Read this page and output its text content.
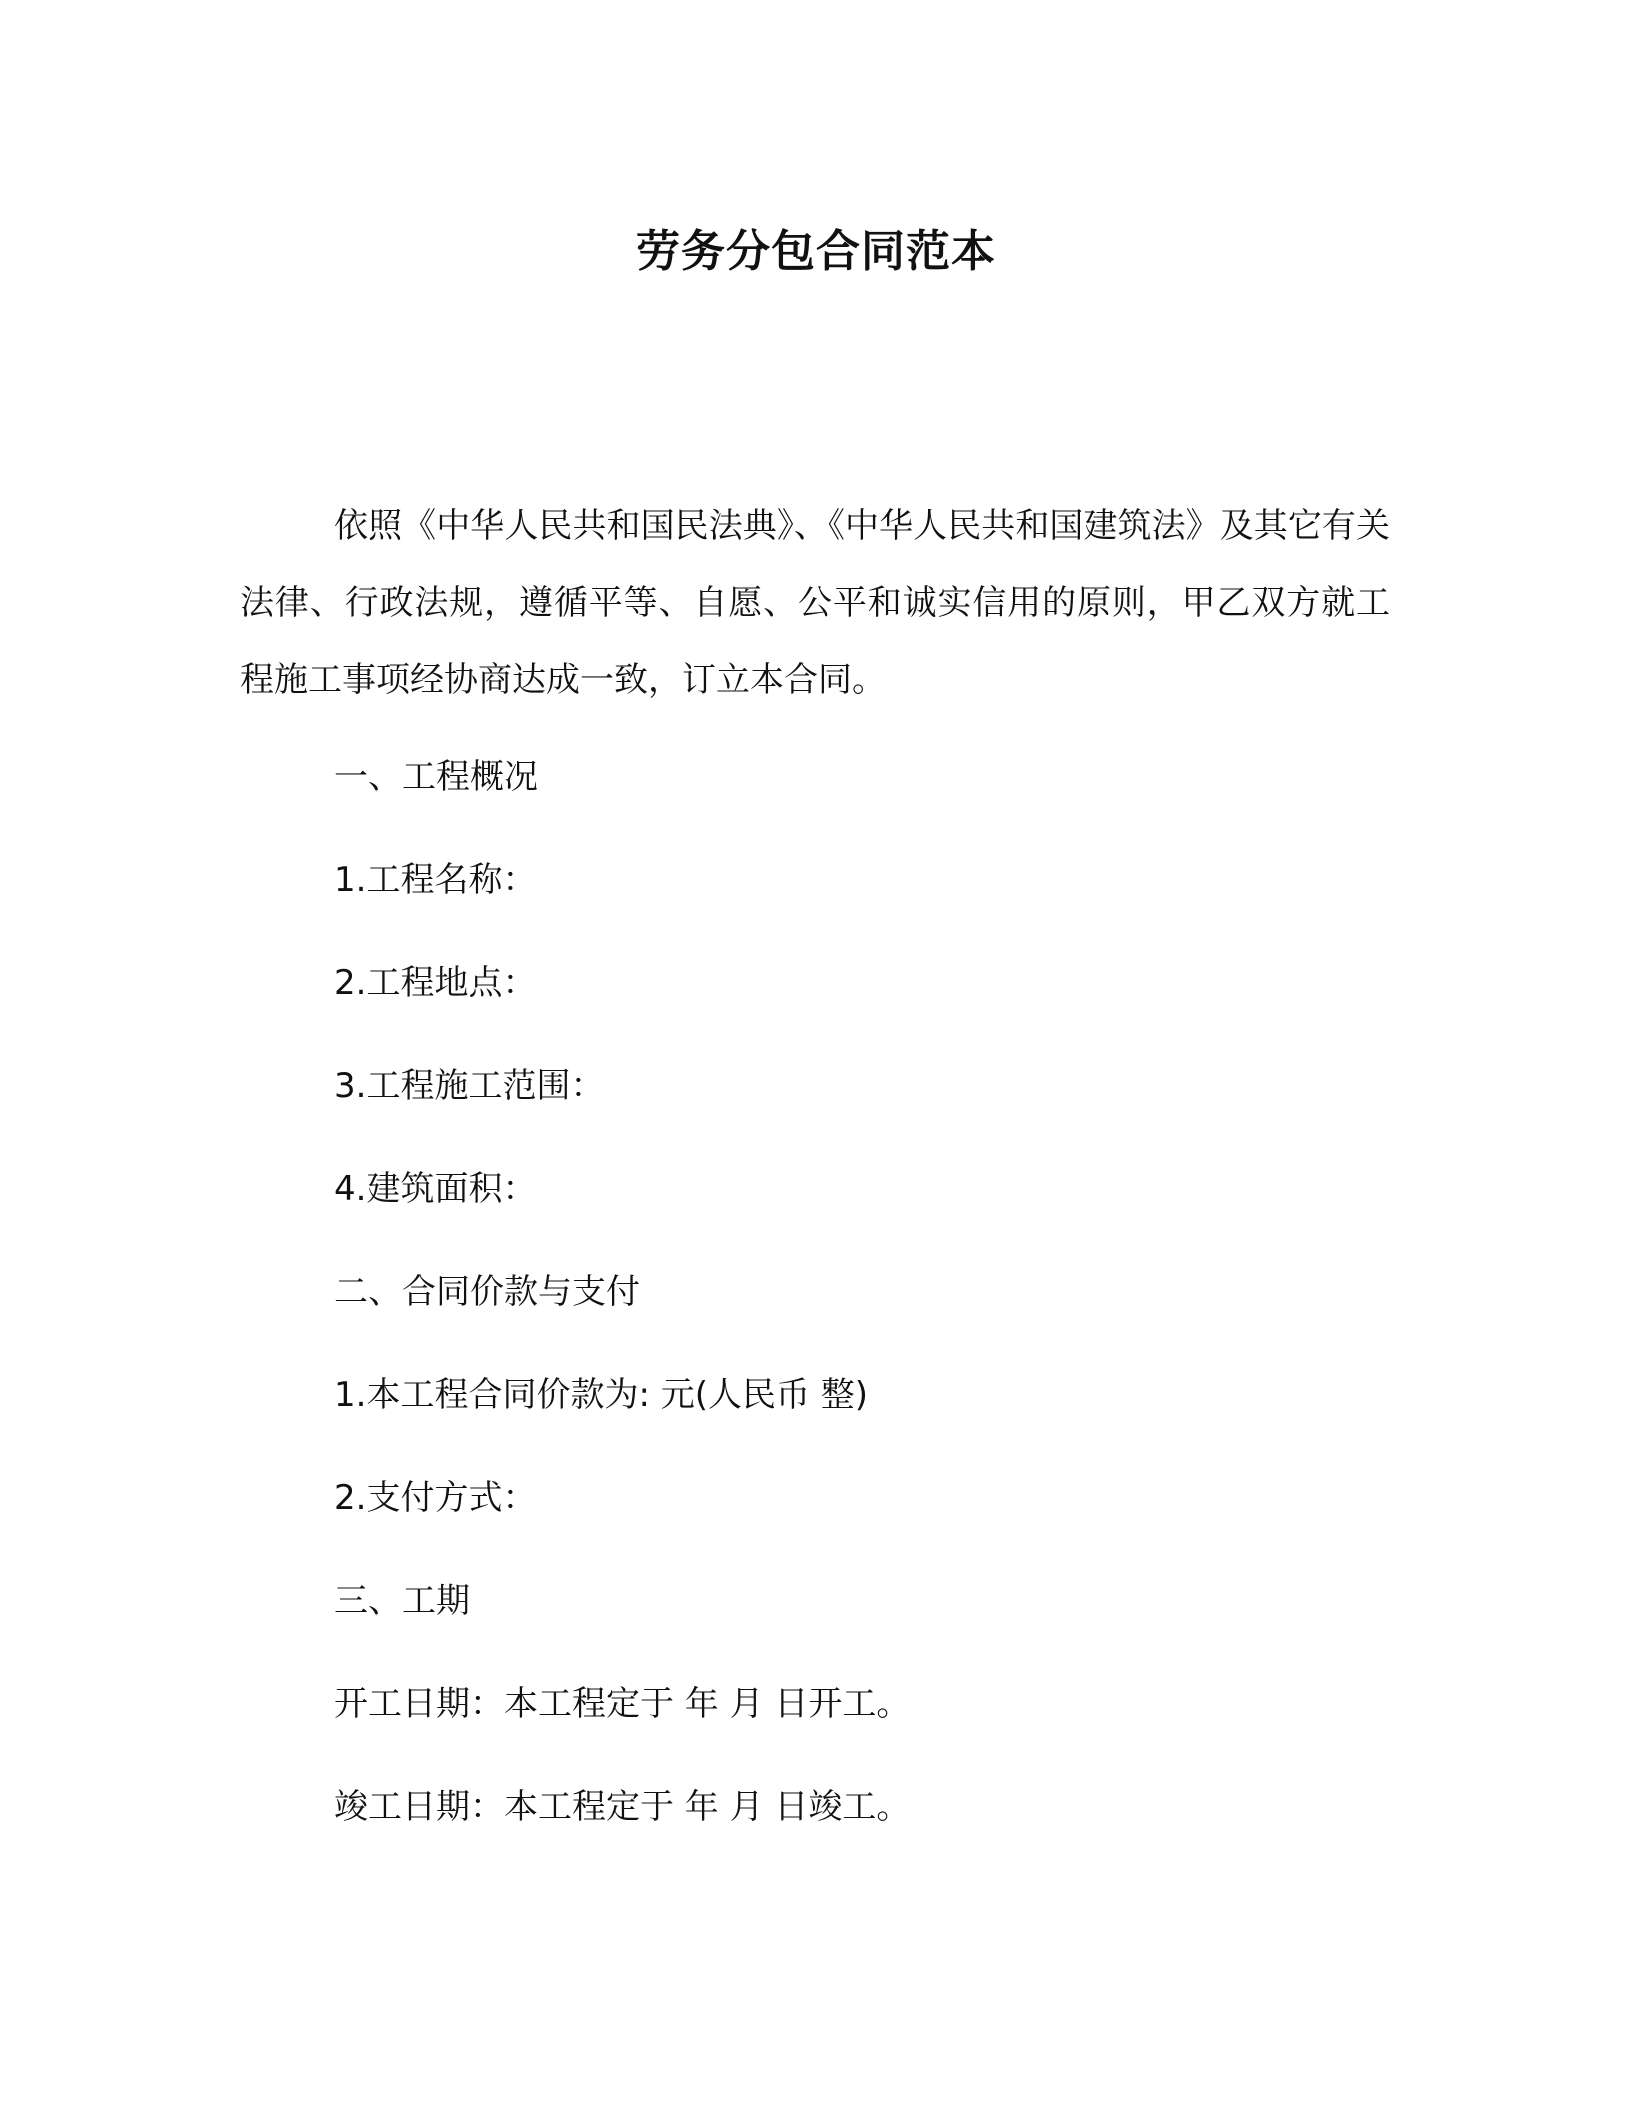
劳务分包合同范本

依照《中华人民共和国民法典》、《中华人民共和国建筑法》及其它有关法律、行政法规，遵循平等、自愿、公平和诚实信用的原则，甲乙双方就工程施工事项经协商达成一致，订立本合同。

一、工程概况

1.工程名称：

2.工程地点：

3.工程施工范围：

4.建筑面积：

二、合同价款与支付

1.本工程合同价款为: 元(人民币 整)

2.支付方式：

三、工期

开工日期：本工程定于 年 月 日开工。

竣工日期：本工程定于 年 月 日竣工。
